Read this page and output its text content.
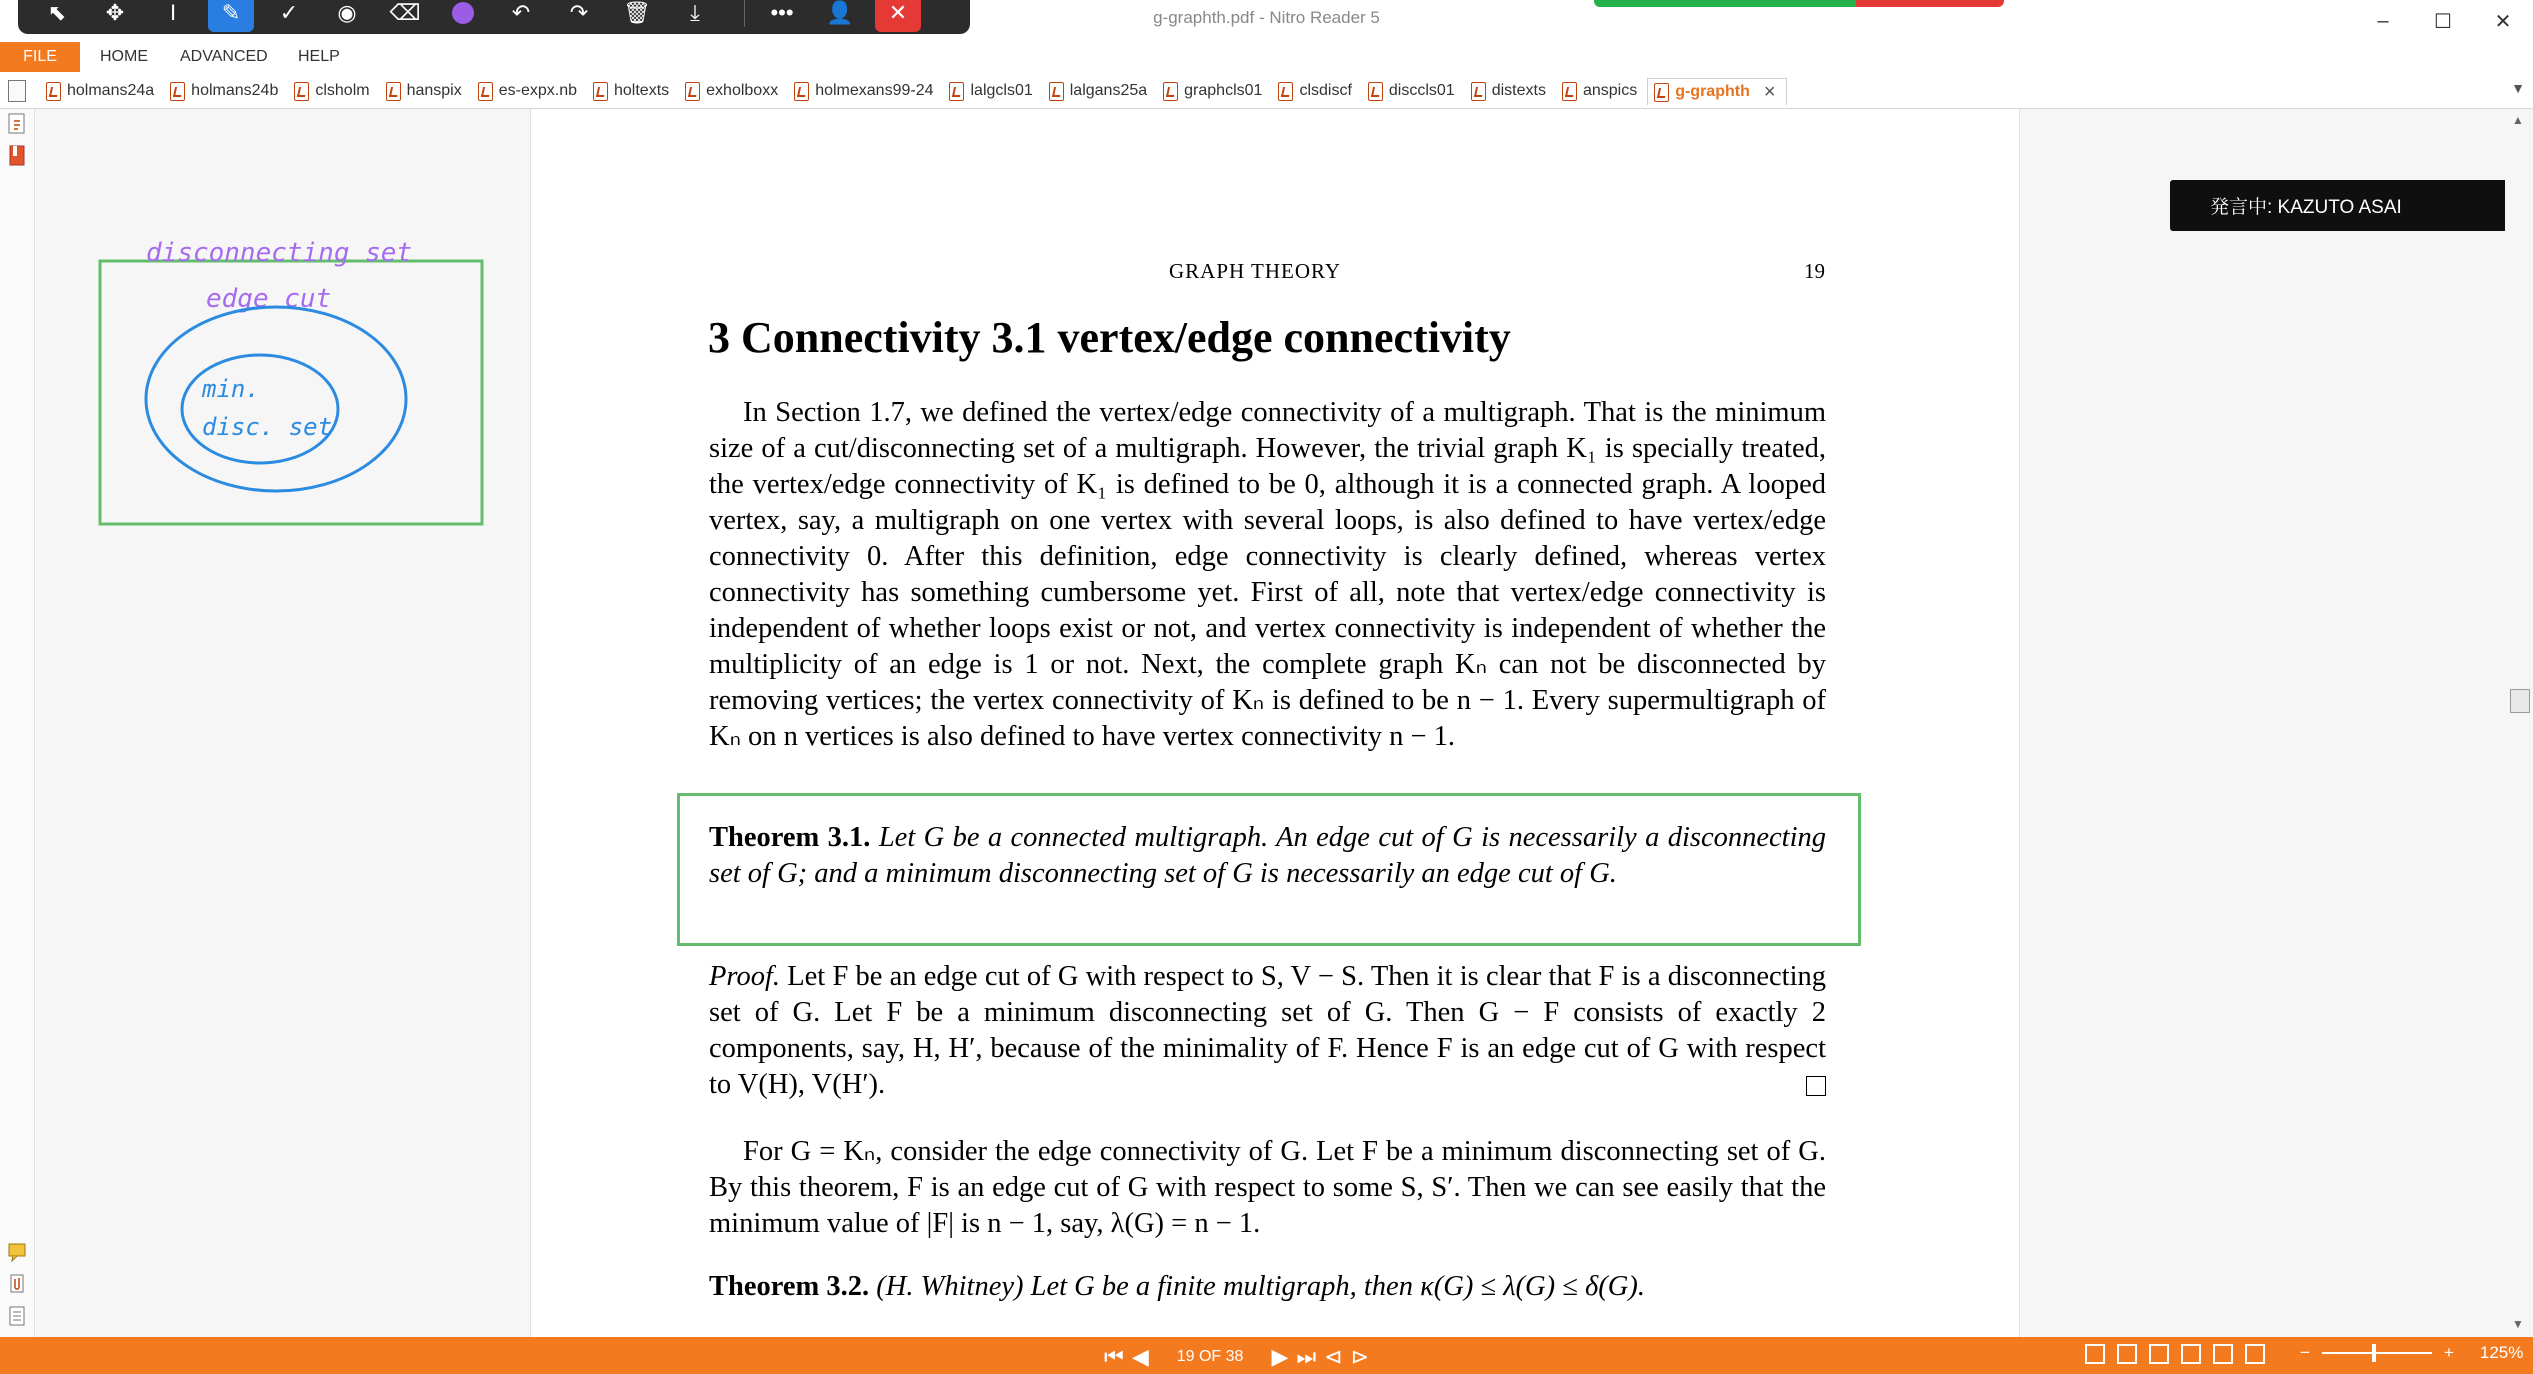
g-graphth.pdf - Nitro Reader 5	‒	☐	✕
⬉	✥	I	✎	✓	◉	⌫	↶	↷	🗑	⤓	•••	👤	✕
FILE	HOME ADVANCED HELP
holmans24a holmans24b clsholm hanspix es-expx.nb holtexts exholboxx holmexans99-24 lalgcls01 lalgans25a graphcls01 clsdiscf disccls01 distexts anspics g-graphth ×	▼
disconnecting set
edge cut
min.
disc. set
GRAPH THEORY	19
3 Connectivity 3.1 vertex/edge connectivity
In Section 1.7, we defined the vertex/edge connectivity of a multigraph. That is the minimum size of a cut/disconnecting set of a multigraph. However, the trivial graph K₁ is specially treated, the vertex/edge connectivity of K₁ is defined to be 0, although it is a connected graph. A looped vertex, say, a multigraph on one vertex with several loops, is also defined to have vertex/edge connectivity 0. After this definition, edge connectivity is clearly defined, whereas vertex connectivity has something cumbersome yet. First of all, note that vertex/edge connectivity is independent of whether loops exist or not, and vertex connectivity is independent of whether the multiplicity of an edge is 1 or not. Next, the complete graph Kₙ can not be disconnected by removing vertices; the vertex connectivity of Kₙ is defined to be n − 1. Every supermultigraph of Kₙ on n vertices is also defined to have vertex connectivity n − 1.
Theorem 3.1. Let G be a connected multigraph. An edge cut of G is necessarily a disconnecting set of G; and a minimum disconnecting set of G is necessarily an edge cut of G.
Proof. Let F be an edge cut of G with respect to S, V − S. Then it is clear that F is a disconnecting set of G. Let F be a minimum disconnecting set of G. Then G − F consists of exactly 2 components, say, H, H′, because of the minimality of F. Hence F is an edge cut of G with respect to V(H), V(H′).
For G = Kₙ, consider the edge connectivity of G. Let F be a minimum disconnecting set of G. By this theorem, F is an edge cut of G with respect to some S, S′. Then we can see easily that the minimum value of |F| is n − 1, say, λ(G) = n − 1.
Theorem 3.2. (H. Whitney) Let G be a finite multigraph, then κ(G) ≤ λ(G) ≤ δ(G).
発言中: KAZUTO ASAI
▲
▼
⏮ ◀ 19 OF 38 ▶ ⏭ ⊲ ⊳	−	+ 125%
